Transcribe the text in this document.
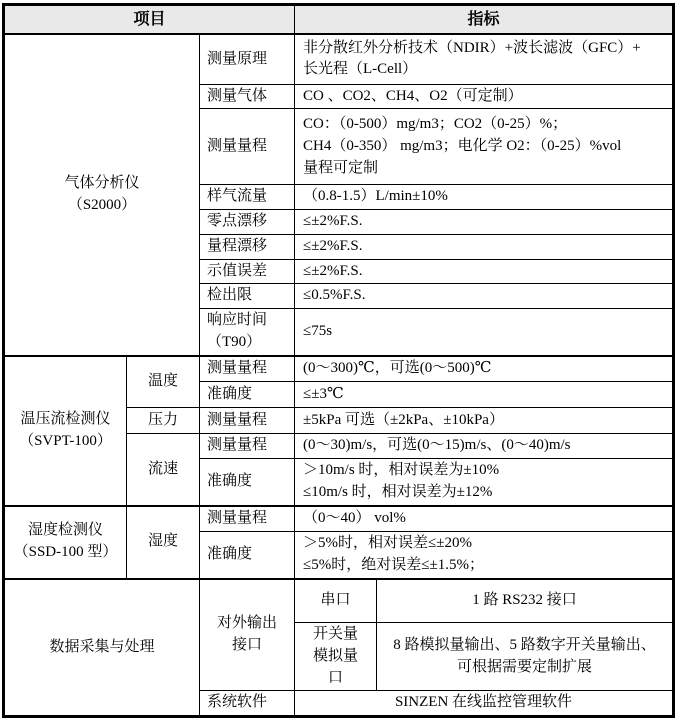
项目			指标	

气体分析仪
（S2000）		测量原理	非分散红外分析技术（NDIR）+波长滤波（GFC）+
长光程（L-Cell）	

		测量气体	CO 、CO2、CH4、O2（可定制）	
		测量量程	CO：（0-500）mg/m3；CO2（0-25）%；
CH4（0-350） mg/m3；电化学 O2：（0-25）%vol
量程可定制	

		样气流量	（0.8-1.5）L/min±10%	
		零点漂移	≤±2%F.S.	
		量程漂移	≤±2%F.S.	
		示值误差	≤±2%F.S.	
		检出限	≤0.5%F.S.	

		响应时间
（T90）	≤75s	

温压流检测仪
（SVPT-100）	温度	测量量程	(0～300)℃，可选(0～500)℃	
		准确度	≤±3℃	
	压力	测量量程	±5kPa 可选（±2kPa、±10kPa）	
	流速	测量量程	(0～30)m/s，可选(0～15)m/s、(0～40)m/s	
		准确度	＞10m/s 时，相对误差为±10%
≤10m/s 时，相对误差为±12%	

湿度检测仪
（SSD-100 型）	湿度	测量量程	（0～40） vol%	
		准确度	＞5%时，相对误差≤±20%
≤5%时，绝对误差≤±1.5%；	

数据采集与处理		对外输出
接口	串口	1 路 RS232 接口

			开关量
模拟量
口	8 路模拟量输出、5 路数字开关量输出、
可根据需要定制扩展

		系统软件	SINZEN 在线监控管理软件	
